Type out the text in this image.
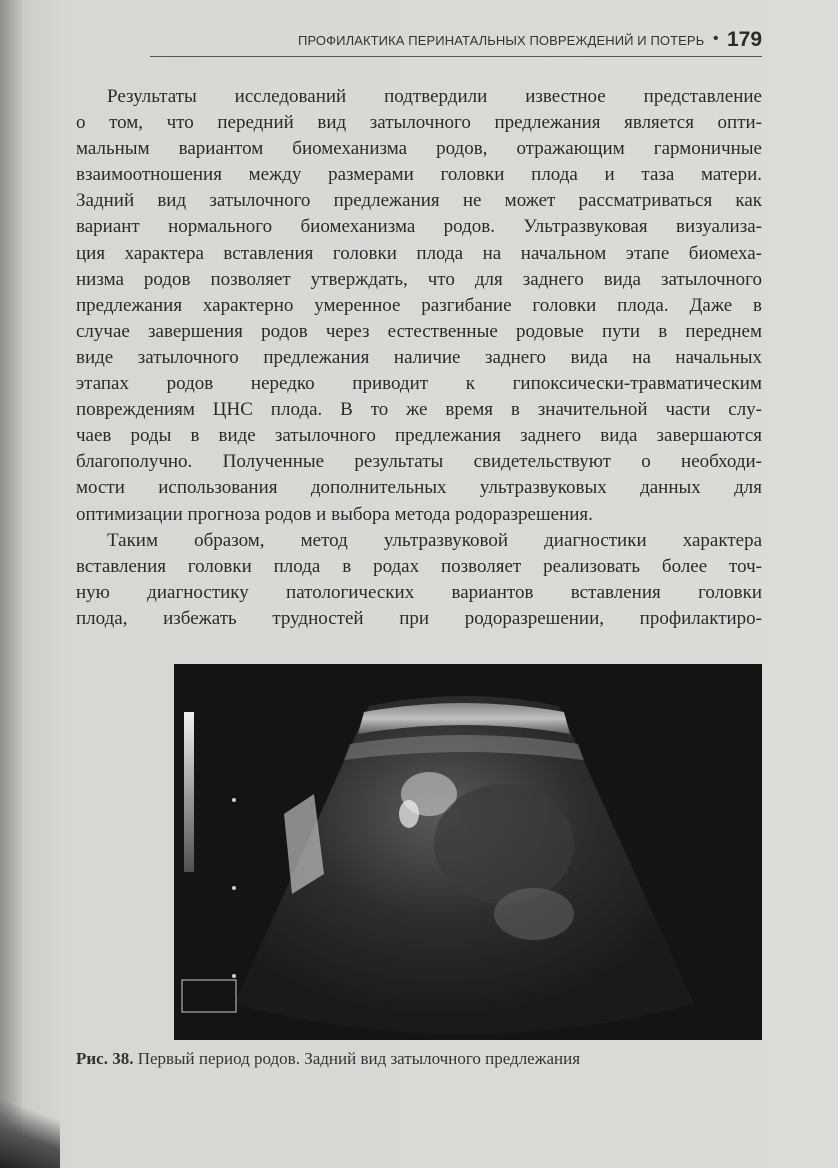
ПРОФИЛАКТИКА ПЕРИНАТАЛЬНЫХ ПОВРЕЖДЕНИЙ И ПОТЕРЬ • 179
Результаты исследований подтвердили известное представление
о том, что передний вид затылочного предлежания является опти-
мальным вариантом биомеханизма родов, отражающим гармоничные
взаимоотношения между размерами головки плода и таза матери.
Задний вид затылочного предлежания не может рассматриваться как
вариант нормального биомеханизма родов. Ультразвуковая визуализа-
ция характера вставления головки плода на начальном этапе биомеха-
низма родов позволяет утверждать, что для заднего вида затылочного
предлежания характерно умеренное разгибание головки плода. Даже в
случае завершения родов через естественные родовые пути в переднем
виде затылочного предлежания наличие заднего вида на начальных
этапах родов нередко приводит к гипоксически-травматическим
повреждениям ЦНС плода. В то же время в значительной части слу-
чаев роды в виде затылочного предлежания заднего вида завершаются
благополучно. Полученные результаты свидетельствуют о необходи-
мости использования дополнительных ультразвуковых данных для
оптимизации прогноза родов и выбора метода родоразрешения.
Таким образом, метод ультразвуковой диагностики характера
вставления головки плода в родах позволяет реализовать более точ-
ную диагностику патологических вариантов вставления головки
плода, избежать трудностей при родоразрешении, профилактиро-
Рис. 38. Первый период родов. Задний вид затылочного предлежания
